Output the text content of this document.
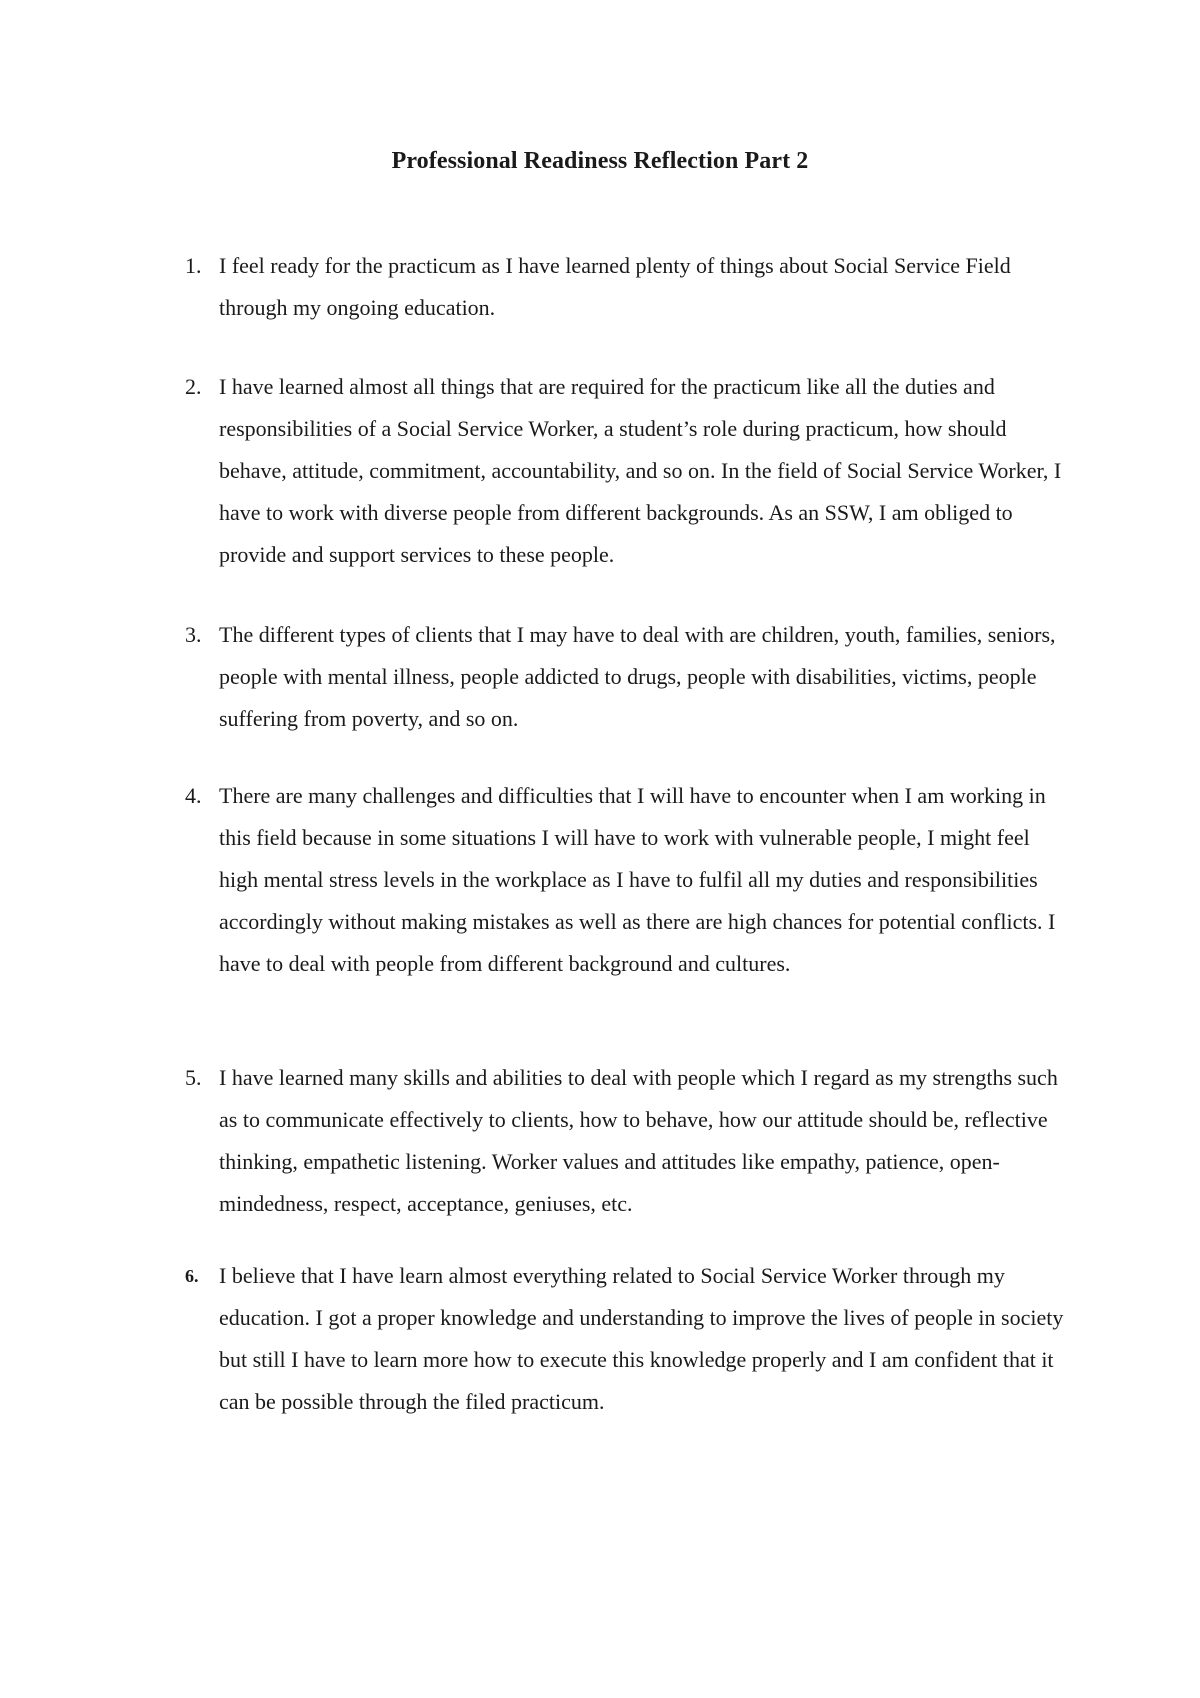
Professional Readiness Reflection Part 2
1. I feel ready for the practicum as I have learned plenty of things about Social Service Field through my ongoing education.
2. I have learned almost all things that are required for the practicum like all the duties and responsibilities of a Social Service Worker, a student’s role during practicum, how should behave, attitude, commitment, accountability, and so on. In the field of Social Service Worker, I have to work with diverse people from different backgrounds. As an SSW, I am obliged to provide and support services to these people.
3. The different types of clients that I may have to deal with are children, youth, families, seniors, people with mental illness, people addicted to drugs, people with disabilities, victims, people suffering from poverty, and so on.
4. There are many challenges and difficulties that I will have to encounter when I am working in this field because in some situations I will have to work with vulnerable people, I might feel high mental stress levels in the workplace as I have to fulfil all my duties and responsibilities accordingly without making mistakes as well as there are high chances for potential conflicts. I have to deal with people from different background and cultures.
5. I have learned many skills and abilities to deal with people which I regard as my strengths such as to communicate effectively to clients, how to behave, how our attitude should be, reflective thinking, empathetic listening. Worker values and attitudes like empathy, patience, open-mindedness, respect, acceptance, geniuses, etc.
6. I believe that I have learn almost everything related to Social Service Worker through my education. I got a proper knowledge and understanding to improve the lives of people in society but still I have to learn more how to execute this knowledge properly and I am confident that it can be possible through the filed practicum.
